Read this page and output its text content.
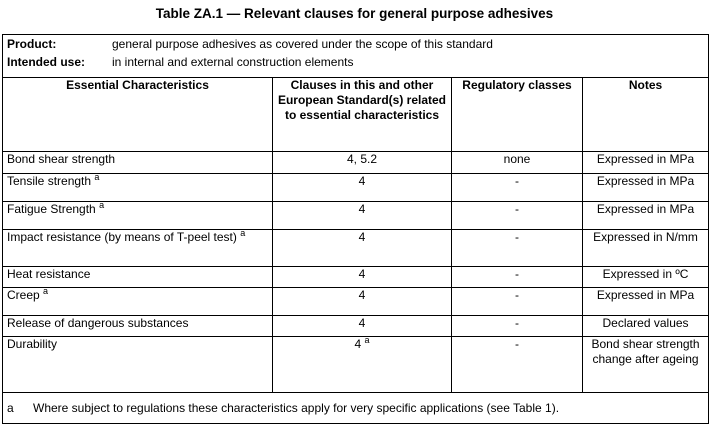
Table ZA.1 — Relevant clauses for general purpose adhesives
Product: general purpose adhesives as covered under the scope of this standard
Intended use: in internal and external construction elements			

Essential Characteristics	Clauses in this and other European Standard(s) related to essential characteristics	Regulatory classes	Notes
Bond shear strength	4, 5.2	none	Expressed in MPa
Tensile strength $^a$	4	-	Expressed in MPa
Fatigue Strength $^a$	4	-	Expressed in MPa
Impact resistance (by means of T-peel test) $^a$	4	-	Expressed in N/mm
Heat resistance	4	-	Expressed in ºC
Creep $^a$	4	-	Expressed in MPa
Release of dangerous substances	4	-	Declared values
Durability	4 $^a$	-	Bond shear strength change after ageing
a Where subject to regulations these characteristics apply for very specific applications (see Table 1).			
